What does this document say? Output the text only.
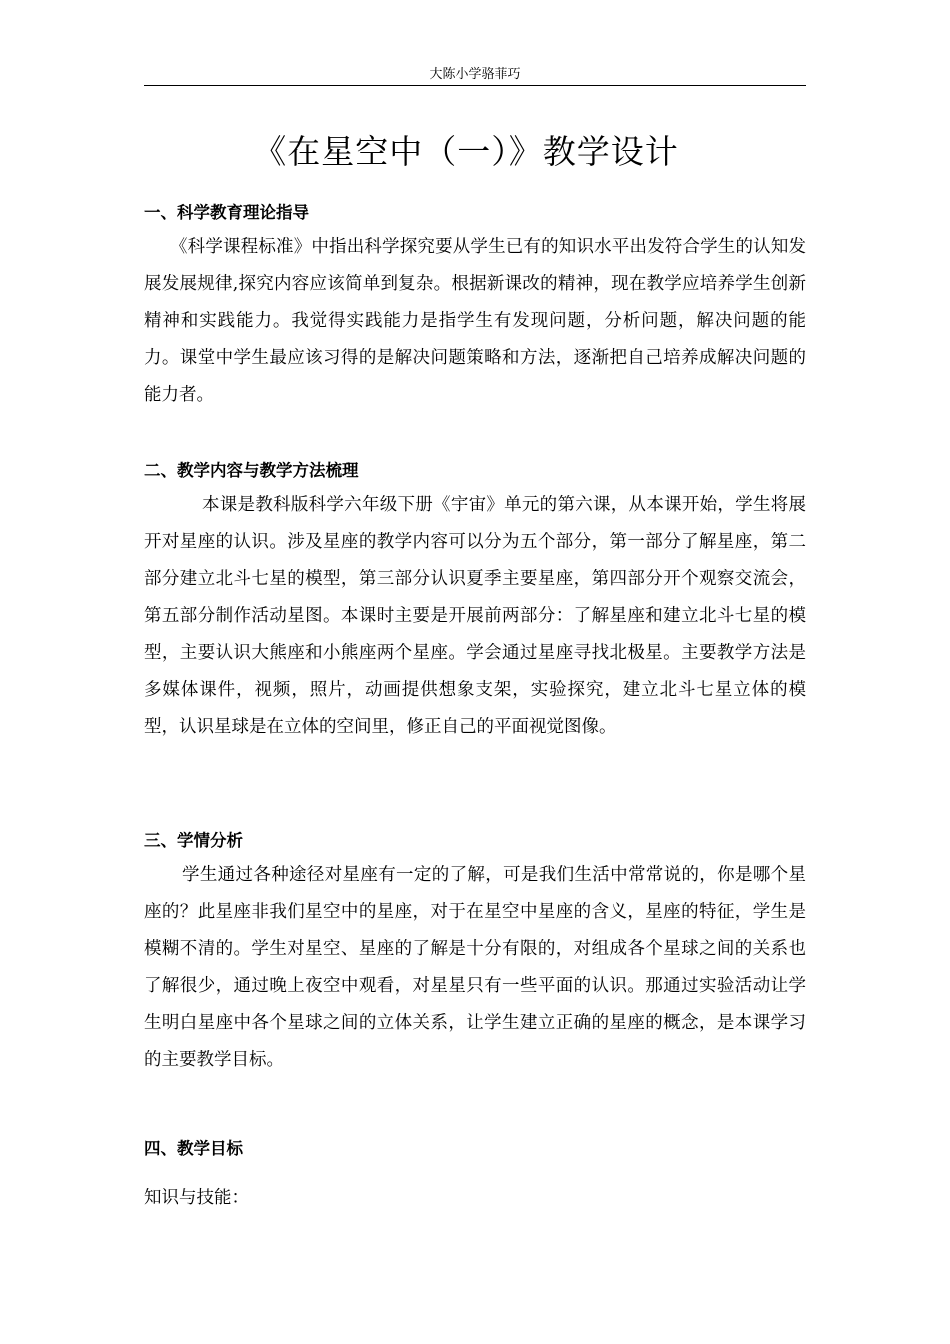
大陈小学骆菲巧
《在星空中（一）》教学设计
一、科学教育理论指导
《科学课程标准》中指出科学探究要从学生已有的知识水平出发符合学生的认知发展发展规律,探究内容应该简单到复杂。根据新课改的精神，现在教学应培养学生创新精神和实践能力。我觉得实践能力是指学生有发现问题，分析问题，解决问题的能力。课堂中学生最应该习得的是解决问题策略和方法，逐渐把自己培养成解决问题的能力者。
二、教学内容与教学方法梳理
本课是教科版科学六年级下册《宇宙》单元的第六课，从本课开始，学生将展开对星座的认识。涉及星座的教学内容可以分为五个部分，第一部分了解星座，第二部分建立北斗七星的模型，第三部分认识夏季主要星座，第四部分开个观察交流会，第五部分制作活动星图。本课时主要是开展前两部分：了解星座和建立北斗七星的模型，主要认识大熊座和小熊座两个星座。学会通过星座寻找北极星。主要教学方法是多媒体课件，视频，照片，动画提供想象支架，实验探究，建立北斗七星立体的模型，认识星球是在立体的空间里，修正自己的平面视觉图像。
三、学情分析
学生通过各种途径对星座有一定的了解，可是我们生活中常常说的，你是哪个星座的？此星座非我们星空中的星座，对于在星空中星座的含义，星座的特征，学生是模糊不清的。学生对星空、星座的了解是十分有限的，对组成各个星球之间的关系也了解很少，通过晚上夜空中观看，对星星只有一些平面的认识。那通过实验活动让学生明白星座中各个星球之间的立体关系，让学生建立正确的星座的概念，是本课学习的主要教学目标。
四、教学目标
知识与技能：
